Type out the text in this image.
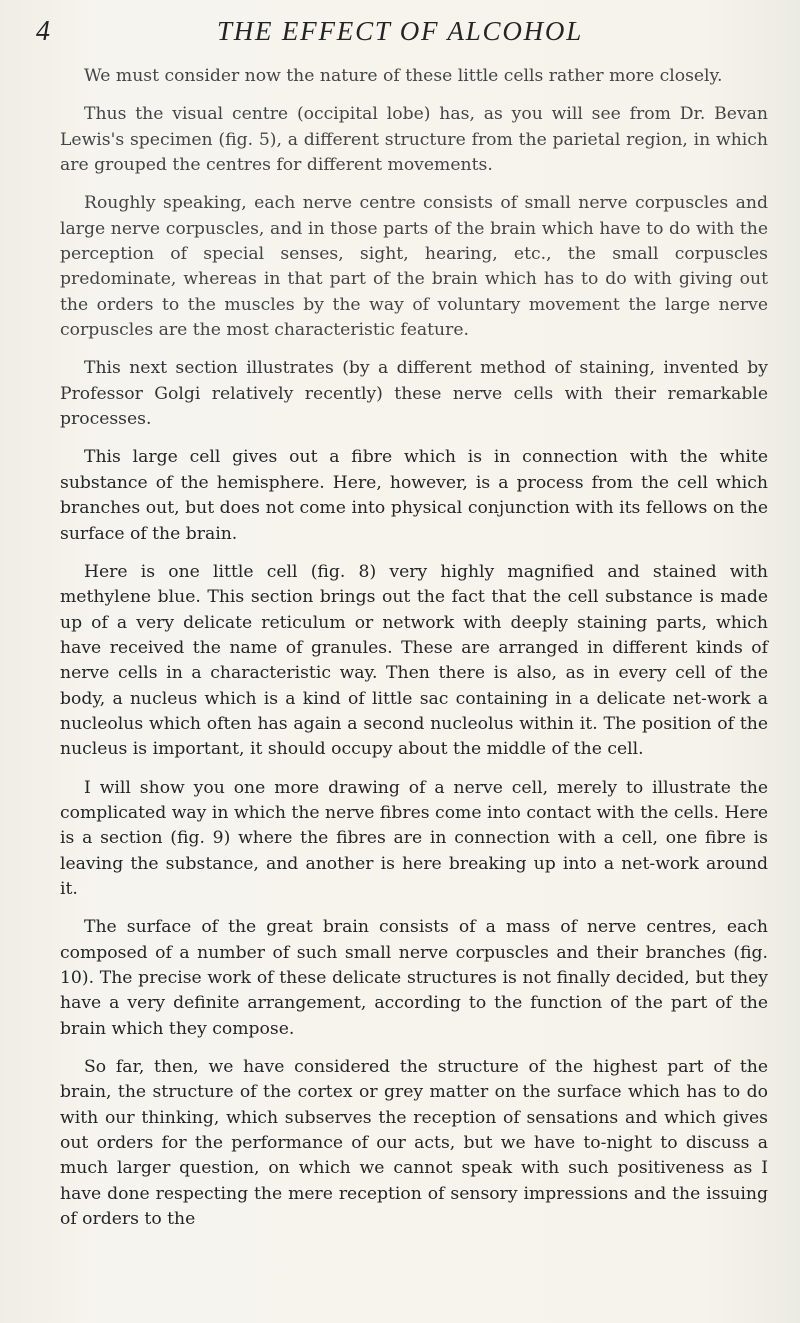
4	THE EFFECT OF ALCOHOL

We must consider now the nature of these little cells rather more closely.

Thus the visual centre (occipital lobe) has, as you will see from Dr. Bevan Lewis's specimen (fig. 5), a different structure from the parietal region, in which are grouped the centres for different movements.

Roughly speaking, each nerve centre consists of small nerve corpuscles and large nerve corpuscles, and in those parts of the brain which have to do with the perception of special senses, sight, hearing, etc., the small corpuscles predominate, whereas in that part of the brain which has to do with giving out the orders to the muscles by the way of voluntary movement the large nerve corpuscles are the most characteristic feature.

This next section illustrates (by a different method of staining, invented by Professor Golgi relatively recently) these nerve cells with their remarkable processes.

This large cell gives out a fibre which is in connection with the white substance of the hemisphere. Here, however, is a process from the cell which branches out, but does not come into physical conjunction with its fellows on the surface of the brain.

Here is one little cell (fig. 8) very highly magnified and stained with methylene blue. This section brings out the fact that the cell substance is made up of a very delicate reticulum or network with deeply staining parts, which have received the name of granules. These are arranged in different kinds of nerve cells in a characteristic way. Then there is also, as in every cell of the body, a nucleus which is a kind of little sac containing in a delicate net-work a nucleolus which often has again a second nucleolus within it. The position of the nucleus is important, it should occupy about the middle of the cell.

I will show you one more drawing of a nerve cell, merely to illustrate the complicated way in which the nerve fibres come into contact with the cells. Here is a section (fig. 9) where the fibres are in connection with a cell, one fibre is leaving the substance, and another is here breaking up into a net-work around it.

The surface of the great brain consists of a mass of nerve centres, each composed of a number of such small nerve corpuscles and their branches (fig. 10). The precise work of these delicate structures is not finally decided, but they have a very definite arrangement, according to the function of the part of the brain which they compose.

So far, then, we have considered the structure of the highest part of the brain, the structure of the cortex or grey matter on the surface which has to do with our thinking, which subserves the reception of sensations and which gives out orders for the performance of our acts, but we have to-night to discuss a much larger question, on which we cannot speak with such positiveness as I have done respecting the mere reception of sensory impressions and the issuing of orders to the
